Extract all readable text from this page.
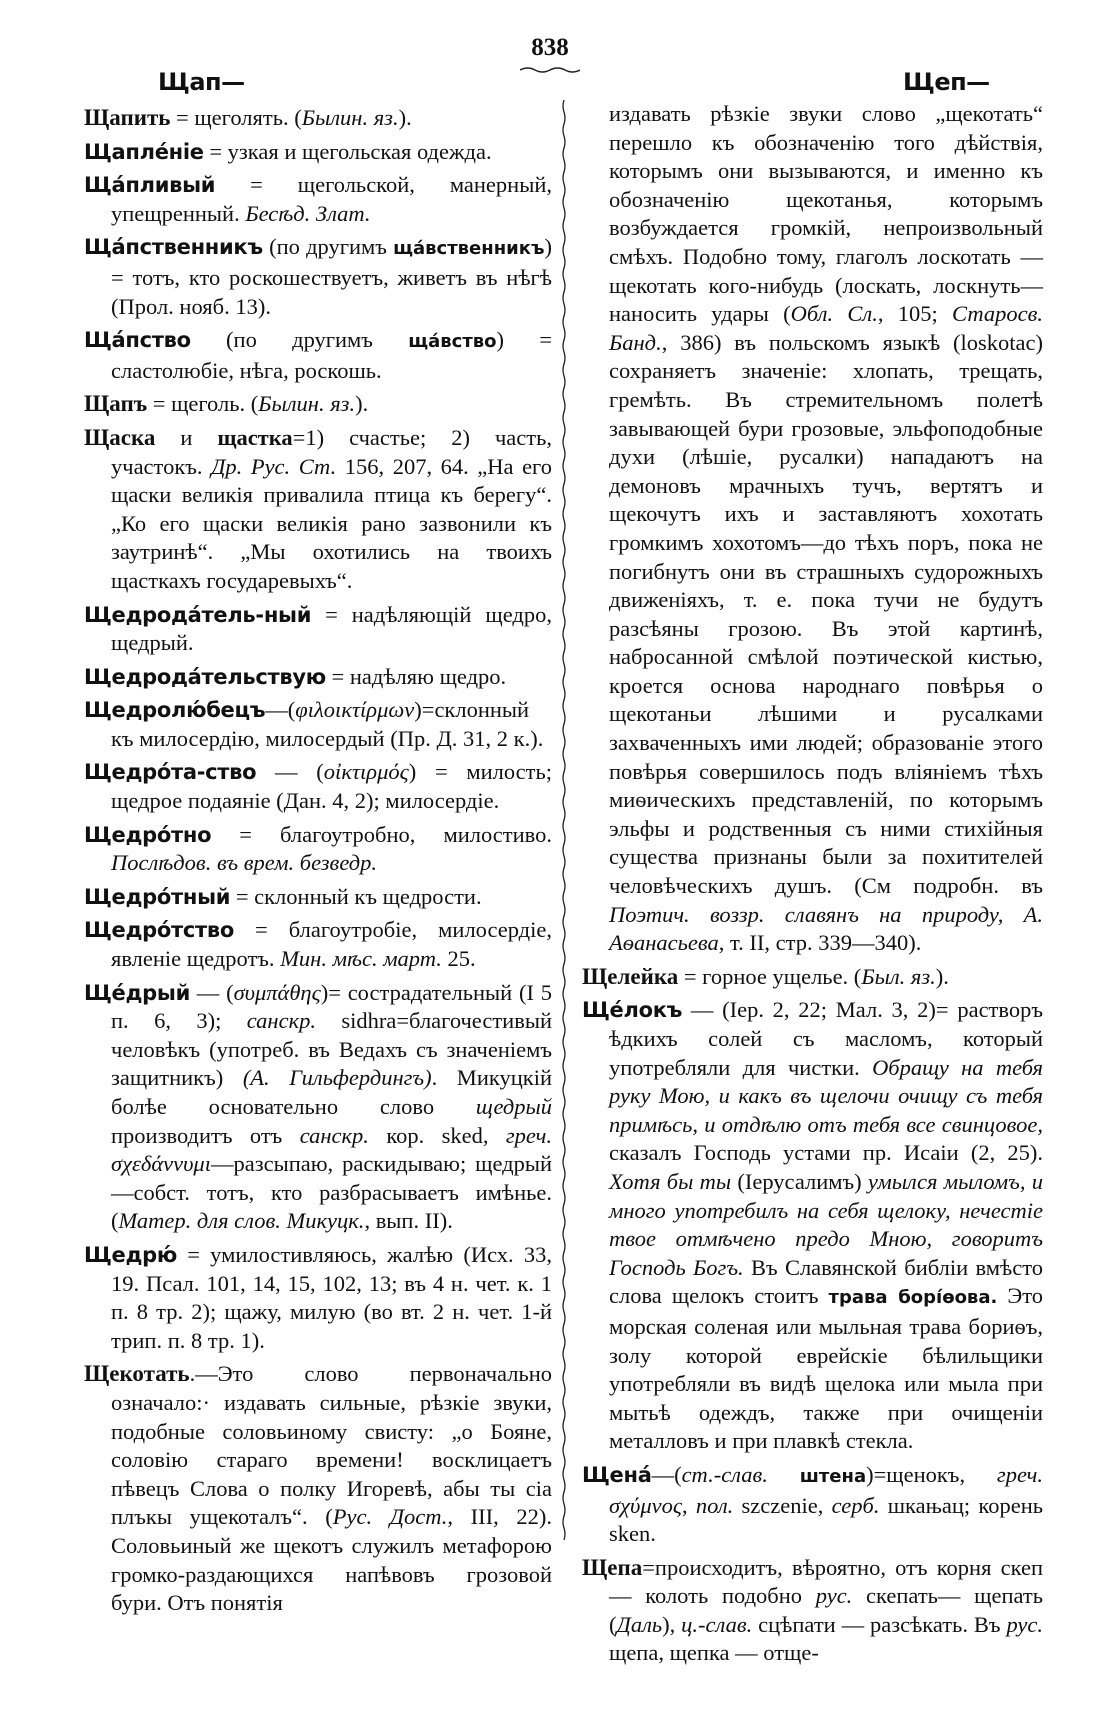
838
Щап—	Щеп—

Щапить = щеголять. (Былин. яз.).

Щапле́ніе = узкая и щегольская одежда.

Ща́пливый = щегольской, манерный, упещренный. Бесѣд. Злат.

Ща́пственникъ (по другимъ ща́вственникъ) = тотъ, кто роскошествуетъ, живетъ въ нѣгѣ (Прол. нояб. 13).

Ща́пство (по другимъ ща́вство) = сластолюбіе, нѣга, роскошь.

Щапъ = щеголь. (Былин. яз.).

Щаска и щастка=1) счастье; 2) часть, участокъ. Др. Рус. Ст. 156, 207, 64. „На его щаски великія привалила птица къ берегу“. „Ко его щаски великія рано зазвонили къ заутринѣ“. „Мы охотились на твоихъ щасткахъ государевыхъ“.

Щедрода́тель-ный = надѣляющій щедро, щедрый.

Щедрода́тельствую = надѣляю щедро.

Щедролю́бецъ—(φιλοικτίρμων)=склонный къ милосердію, милосердый (Пр. Д. 31, 2 к.).

Щедро́та-ство — (οἰκτιρμός) = милость; щедрое подаяніе (Дан. 4, 2); милосердіе.

Щедро́тно = благоутробно, милостиво. Послѣдов. въ врем. безведр.

Щедро́тный = склонный къ щедрости.

Щедро́тство = благоутробіе, милосердіе, явленіе щедротъ. Мин. мѣс. март. 25.

Ще́дрый — (συμπάθης)= сострадательный (I 5 п. 6, 3); санскр. sidhra=благочестивый человѣкъ (употреб. въ Ведахъ съ значеніемъ защитникъ) (А. Гильфердингъ). Микуцкій болѣе основательно слово щедрый производитъ отъ санскр. кор. sked, греч. σχεδάννυμι—разсыпаю, раскидываю; щедрый—собст. тотъ, кто разбрасываетъ имѣнье. (Матер. для слов. Микуцк., вып. II).

Щедрю́ = умилостивляюсь, жалѣю (Исх. 33, 19. Псал. 101, 14, 15, 102, 13; въ 4 н. чет. к. 1 п. 8 тр. 2); щажу, милую (во вт. 2 н. чет. 1-й трип. п. 8 тр. 1).

Щекотать.—Это слово первоначально означало:· издавать сильные, рѣзкіе звуки, подобные соловьиному свисту: „о Бояне, соловію стараго времени! восклицаетъ пѣвецъ Слова о полку Игоревѣ, абы ты сіа плъкы ущекоталъ“. (Рус. Дост., III, 22). Соловьиный же щекотъ служилъ метафорою громко-раздающихся напѣвовъ грозовой бури. Отъ понятія

издавать рѣзкіе звуки слово „щекотать“ перешло къ обозначенію того дѣйствія, которымъ они вызываются, и именно къ обозначенію щекотанья, которымъ возбуждается громкій, непроизвольный смѣхъ. Подобно тому, глаголъ лоскотать — щекотать кого-нибудь (лоскать, лоскнуть— наносить удары (Обл. Сл., 105; Старосв. Банд., 386) въ польскомъ языкѣ (loskotac) сохраняетъ значеніе: хлопать, трещать, гремѣть. Въ стремительномъ полетѣ завывающей бури грозовые, эльфоподобные духи (лѣшіе, русалки) нападаютъ на демоновъ мрачныхъ тучъ, вертятъ и щекочутъ ихъ и заставляютъ хохотать громкимъ хохотомъ—до тѣхъ поръ, пока не погибнутъ они въ страшныхъ судорожныхъ движеніяхъ, т. е. пока тучи не будутъ разсѣяны грозою. Въ этой картинѣ, набросанной смѣлой поэтической кистью, кроется основа народнаго повѣрья о щекотаньи лѣшими и русалками захваченныхъ ими людей; образованіе этого повѣрья совершилось подъ вліяніемъ тѣхъ миѳическихъ представленій, по которымъ эльфы и родственныя съ ними стихійныя существа признаны были за похитителей человѣческихъ душъ. (См подробн. въ Поэтич. воззр. славянъ на природу, А. Аѳанасьева, т. II, стр. 339—340).

Щелейка = горное ущелье. (Был. яз.).

Ще́локъ — (Іер. 2, 22; Мал. 3, 2)= растворъ ѣдкихъ солей съ масломъ, который употребляли для чистки. Обращу на тебя руку Мою, и какъ въ щелочи очищу съ тебя примѣсь, и отдѣлю отъ тебя все свинцовое, сказалъ Господь устами пр. Исаіи (2, 25). Хотя бы ты (Іерусалимъ) умылся мыломъ, и много употребилъ на себя щелоку, нечестіе твое отмѣчено предо Мною, говоритъ Господь Богъ. Въ Славянской библіи вмѣсто слова щелокъ стоитъ трава борі́ѳова. Это морская соленая или мыльная трава бориѳъ, золу которой еврейскіе бѣлильщики употребляли въ видѣ щелока или мыла при мытьѣ одеждъ, также при очищеніи металловъ и при плавкѣ стекла.

Щена́—(ст.-слав. штена)=щенокъ, греч. σχύμνος, пол. szczenie, серб. шкањац; корень sken.

Щепа=происходитъ, вѣроятно, отъ корня скеп — колоть подобно рус. скепать— щепать (Даль), ц.-слав. сцѣпати — разсѣкать. Въ рус. щепа, щепка — отще-
